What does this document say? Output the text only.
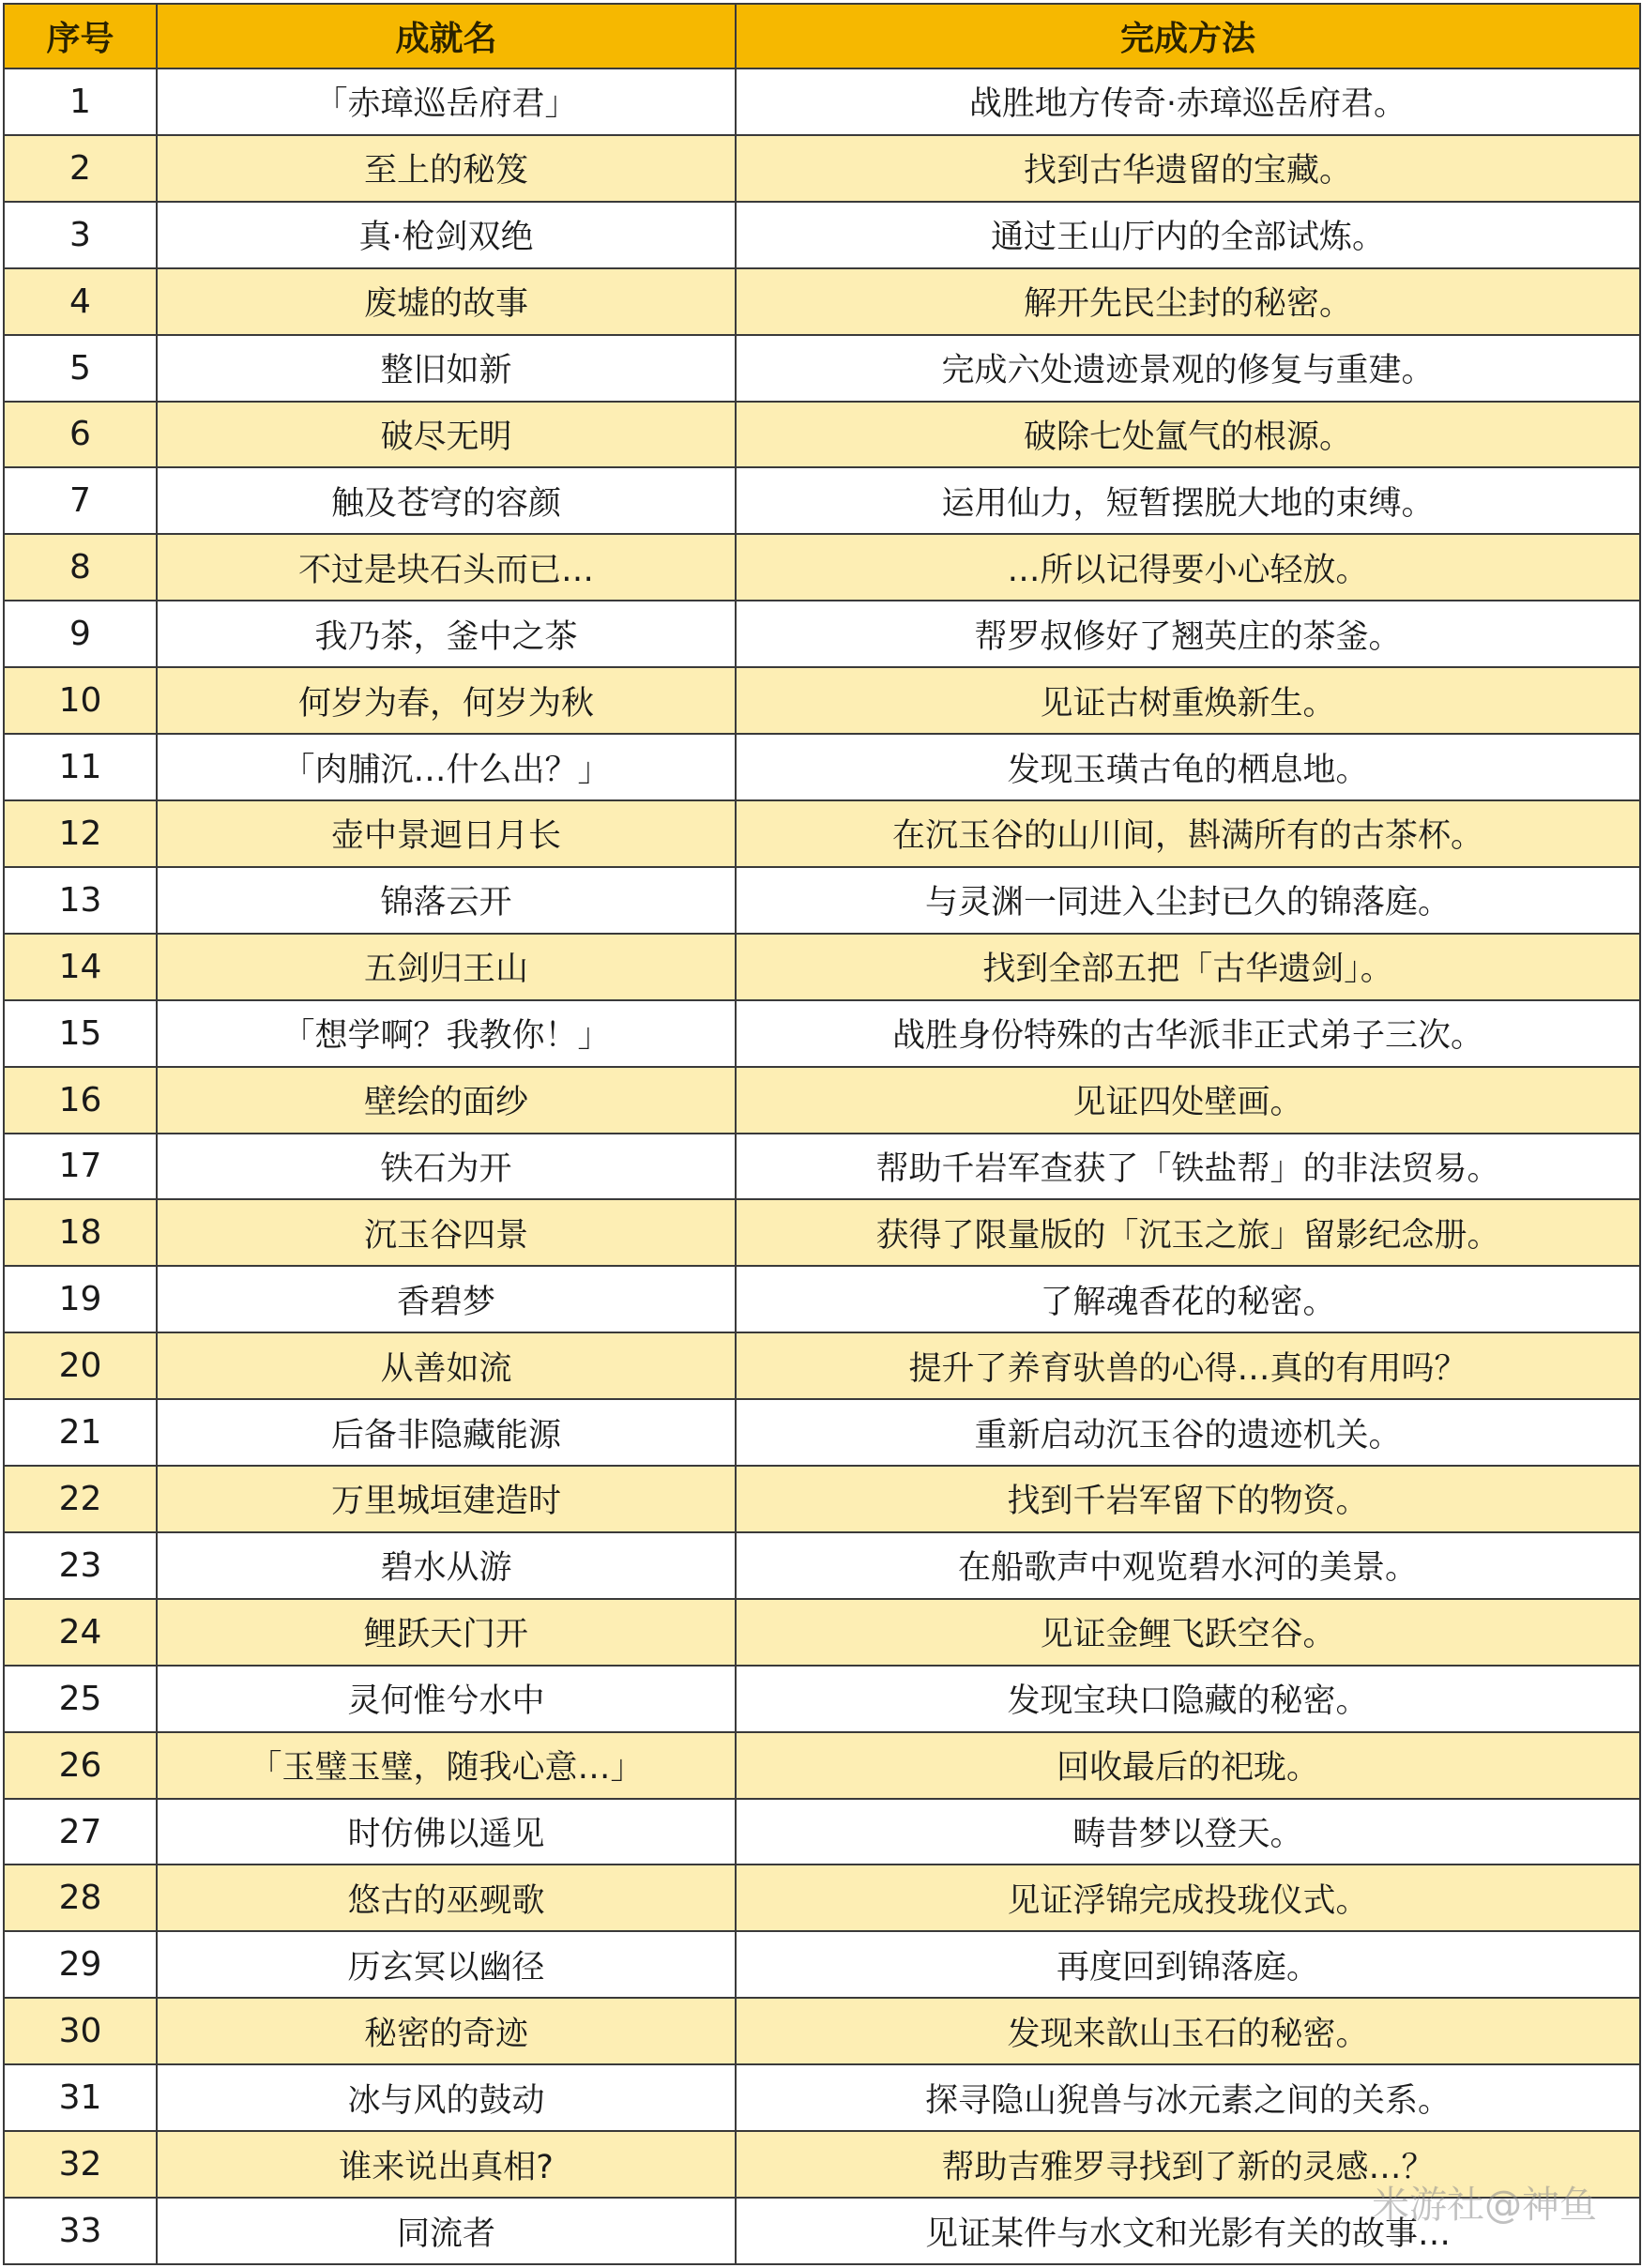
序号	成就名	完成方法
1	「赤璋巡岳府君」	战胜地方传奇·赤璋巡岳府君。
2	至上的秘笈	找到古华遗留的宝藏。
3	真·枪剑双绝	通过王山厅内的全部试炼。
4	废墟的故事	解开先民尘封的秘密。
5	整旧如新	完成六处遗迹景观的修复与重建。
6	破尽无明	破除七处氲气的根源。
7	触及苍穹的容颜	运用仙力，短暂摆脱大地的束缚。
8	不过是块石头而已…	…所以记得要小心轻放。
9	我乃茶，釜中之茶	帮罗叔修好了翘英庄的茶釜。
10	何岁为春，何岁为秋	见证古树重焕新生。
11	「肉脯沉…什么出？」	发现玉璜古龟的栖息地。
12	壶中景迴日月长	在沉玉谷的山川间，斟满所有的古茶杯。
13	锦落云开	与灵渊一同进入尘封已久的锦落庭。
14	五剑归王山	找到全部五把「古华遗剑」。
15	「想学啊？我教你！」	战胜身份特殊的古华派非正式弟子三次。
16	壁绘的面纱	见证四处壁画。
17	铁石为开	帮助千岩军查获了「铁盐帮」的非法贸易。
18	沉玉谷四景	获得了限量版的「沉玉之旅」留影纪念册。
19	香碧梦	了解魂香花的秘密。
20	从善如流	提升了养育驮兽的心得…真的有用吗？
21	后备非隐藏能源	重新启动沉玉谷的遗迹机关。
22	万里城垣建造时	找到千岩军留下的物资。
23	碧水从游	在船歌声中观览碧水河的美景。
24	鲤跃天门开	见证金鲤飞跃空谷。
25	灵何惟兮水中	发现宝玦口隐藏的秘密。
26	「玉璧玉璧，随我心意…」	回收最后的祀珑。
27	时仿佛以遥见	畴昔梦以登天。
28	悠古的巫觋歌	见证浮锦完成投珑仪式。
29	历玄冥以幽径	再度回到锦落庭。
30	秘密的奇迹	发现来歆山玉石的秘密。
31	冰与风的鼓动	探寻隐山猊兽与冰元素之间的关系。
32	谁来说出真相?	帮助吉雅罗寻找到了新的灵感…？
33	同流者	见证某件与水文和光影有关的故事…
米游社@神鱼
